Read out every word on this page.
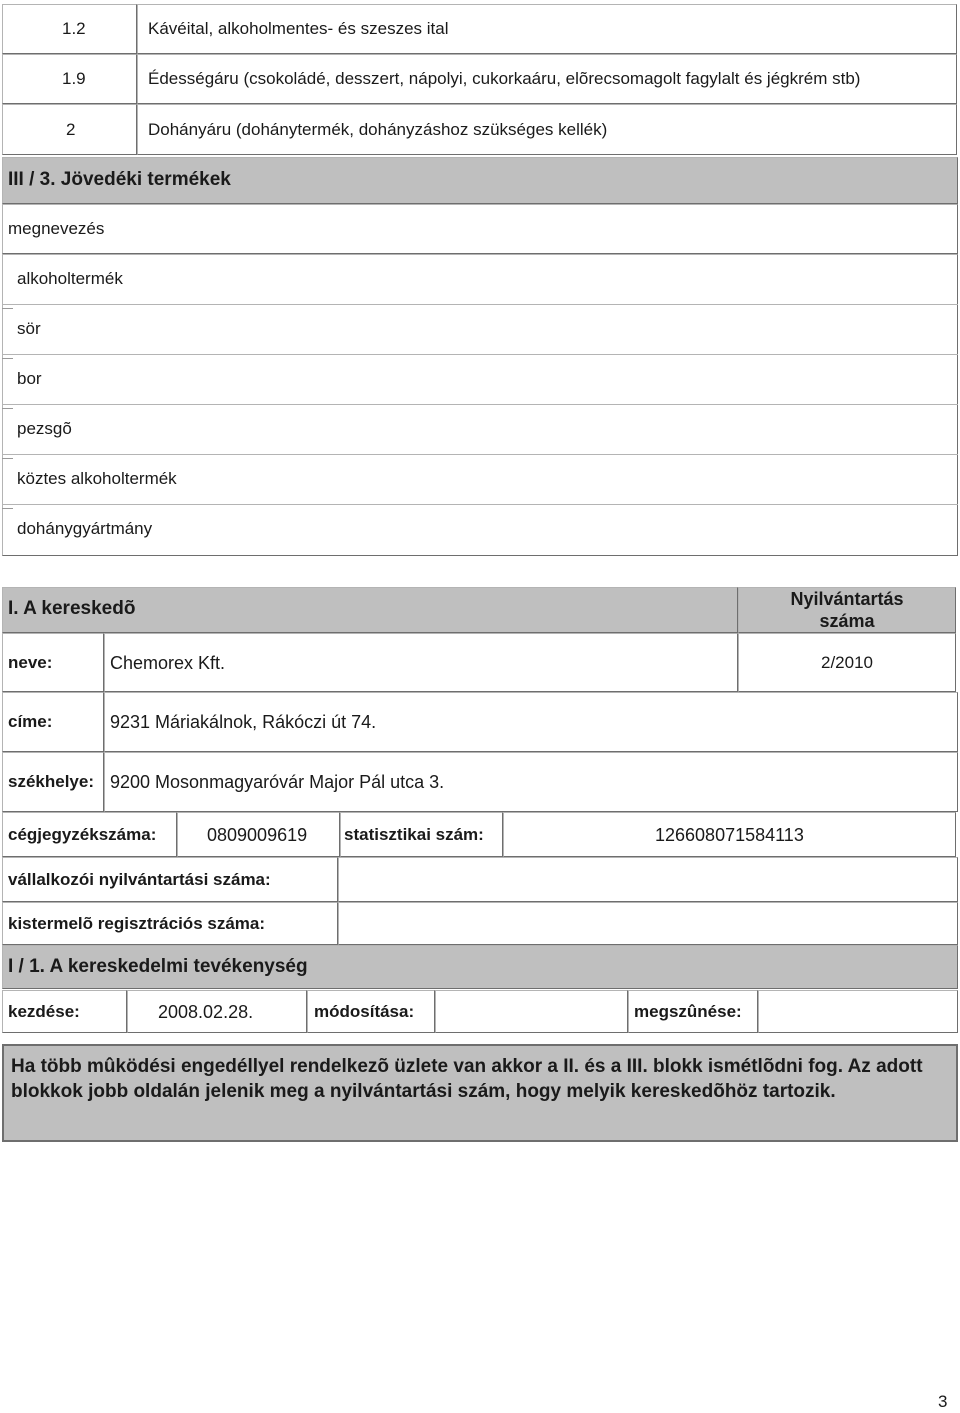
1.2	Kávéital, alkoholmentes- és szeszes ital
1.9	Édességáru (csokoládé, desszert, nápolyi, cukorkaáru, elõrecsomagolt fagylalt és jégkrém stb)
2	Dohányáru (dohánytermék, dohányzáshoz szükséges kellék)
III / 3. Jövedéki termékek
megnevezés
alkoholtermék
sör
bor
pezsgõ
köztes alkoholtermék
dohánygyártmány
I. A kereskedõ	Nyilvántartás
száma
neve:	Chemorex Kft.	2/2010
címe:	9231 Máriakálnok, Rákóczi út 74.
székhelye: 9200 Mosonmagyaróvár Major Pál utca 3.
cégjegyzékszáma:	0809009619 statisztikai szám:	126608071584113
vállalkozói nyilvántartási száma:
kistermelõ regisztrációs száma:
I / 1. A kereskedelmi tevékenység
kezdése:	2008.02.28.	módosítása:	megszûnése:
Ha több mûködési engedéllyel rendelkezõ üzlete van akkor a II. és a III. blokk ismétlõdni fog. Az adott blokkok jobb oldalán jelenik meg a nyilvántartási szám, hogy melyik kereskedõhöz tartozik.
3
